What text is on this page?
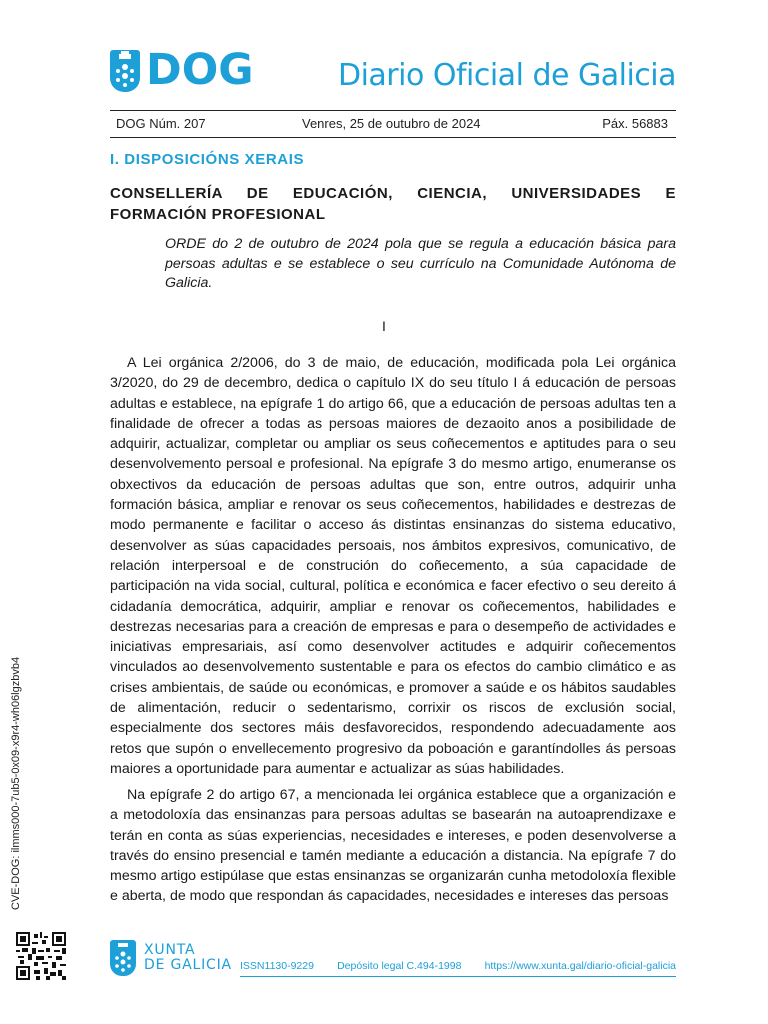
DOG	Diario Oficial de Galicia
DOG Núm. 207	Venres, 25 de outubro de 2024	Páx. 56883
I. DISPOSICIÓNS XERAIS
CONSELLERÍA DE EDUCACIÓN, CIENCIA, UNIVERSIDADES E FORMACIÓN PROFESIONAL
ORDE do 2 de outubro de 2024 pola que se regula a educación básica para persoas adultas e se establece o seu currículo na Comunidade Autónoma de Galicia.
I
A Lei orgánica 2/2006, do 3 de maio, de educación, modificada pola Lei orgánica 3/2020, do 29 de decembro, dedica o capítulo IX do seu título I á educación de persoas adultas e establece, na epígrafe 1 do artigo 66, que a educación de persoas adultas ten a finalidade de ofrecer a todas as persoas maiores de dezaoito anos a posibilidade de adquirir, actualizar, completar ou ampliar os seus coñecementos e aptitudes para o seu desenvolvemento persoal e profesional. Na epígrafe 3 do mesmo artigo, enumeranse os obxectivos da educación de persoas adultas que son, entre outros, adquirir unha formación básica, ampliar e renovar os seus coñecementos, habilidades e destrezas de modo permanente e facilitar o acceso ás distintas ensinanzas do sistema educativo, desenvolver as súas capacidades persoais, nos ámbitos expresivos, comunicativo, de relación interpersoal e de construción do coñecemento, a súa capacidade de participación na vida social, cultural, política e económica e facer efectivo o seu dereito á cidadanía democrática, adquirir, ampliar e renovar os coñecementos, habilidades e destrezas necesarias para a creación de empresas e para o desempeño de actividades e iniciativas empresariais, así como desenvolver actitudes e adquirir coñecementos vinculados ao desenvolvemento sustentable e para os efectos do cambio climático e as crises ambientais, de saúde ou económicas, e promover a saúde e os hábitos saudables de alimentación, reducir o sedentarismo, corrixir os riscos de exclusión social, especialmente dos sectores máis desfavorecidos, respondendo adecuadamente aos retos que supón o envellecemento progresivo da poboación e garantíndolles ás persoas maiores a oportunidade para aumentar e actualizar as súas habilidades.
Na epígrafe 2 do artigo 67, a mencionada lei orgánica establece que a organización e a metodoloxía das ensinanzas para persoas adultas se basearán na autoaprendizaxe e terán en conta as súas experiencias, necesidades e intereses, e poden desenvolverse a través do ensino presencial e tamén mediante a educación a distancia. Na epígrafe 7 do mesmo artigo estipúlase que estas ensinanzas se organizarán cunha metodoloxía flexible e aberta, de modo que respondan ás capacidades, necesidades e intereses das persoas
CVE-DOG: ilmms000-7ub5-0x09-x9r4-wh06lgzbvb4
XUNTA
DE GALICIA ISSN1130-9229 Depósito legal C.494-1998 https://www.xunta.gal/diario-oficial-galicia
